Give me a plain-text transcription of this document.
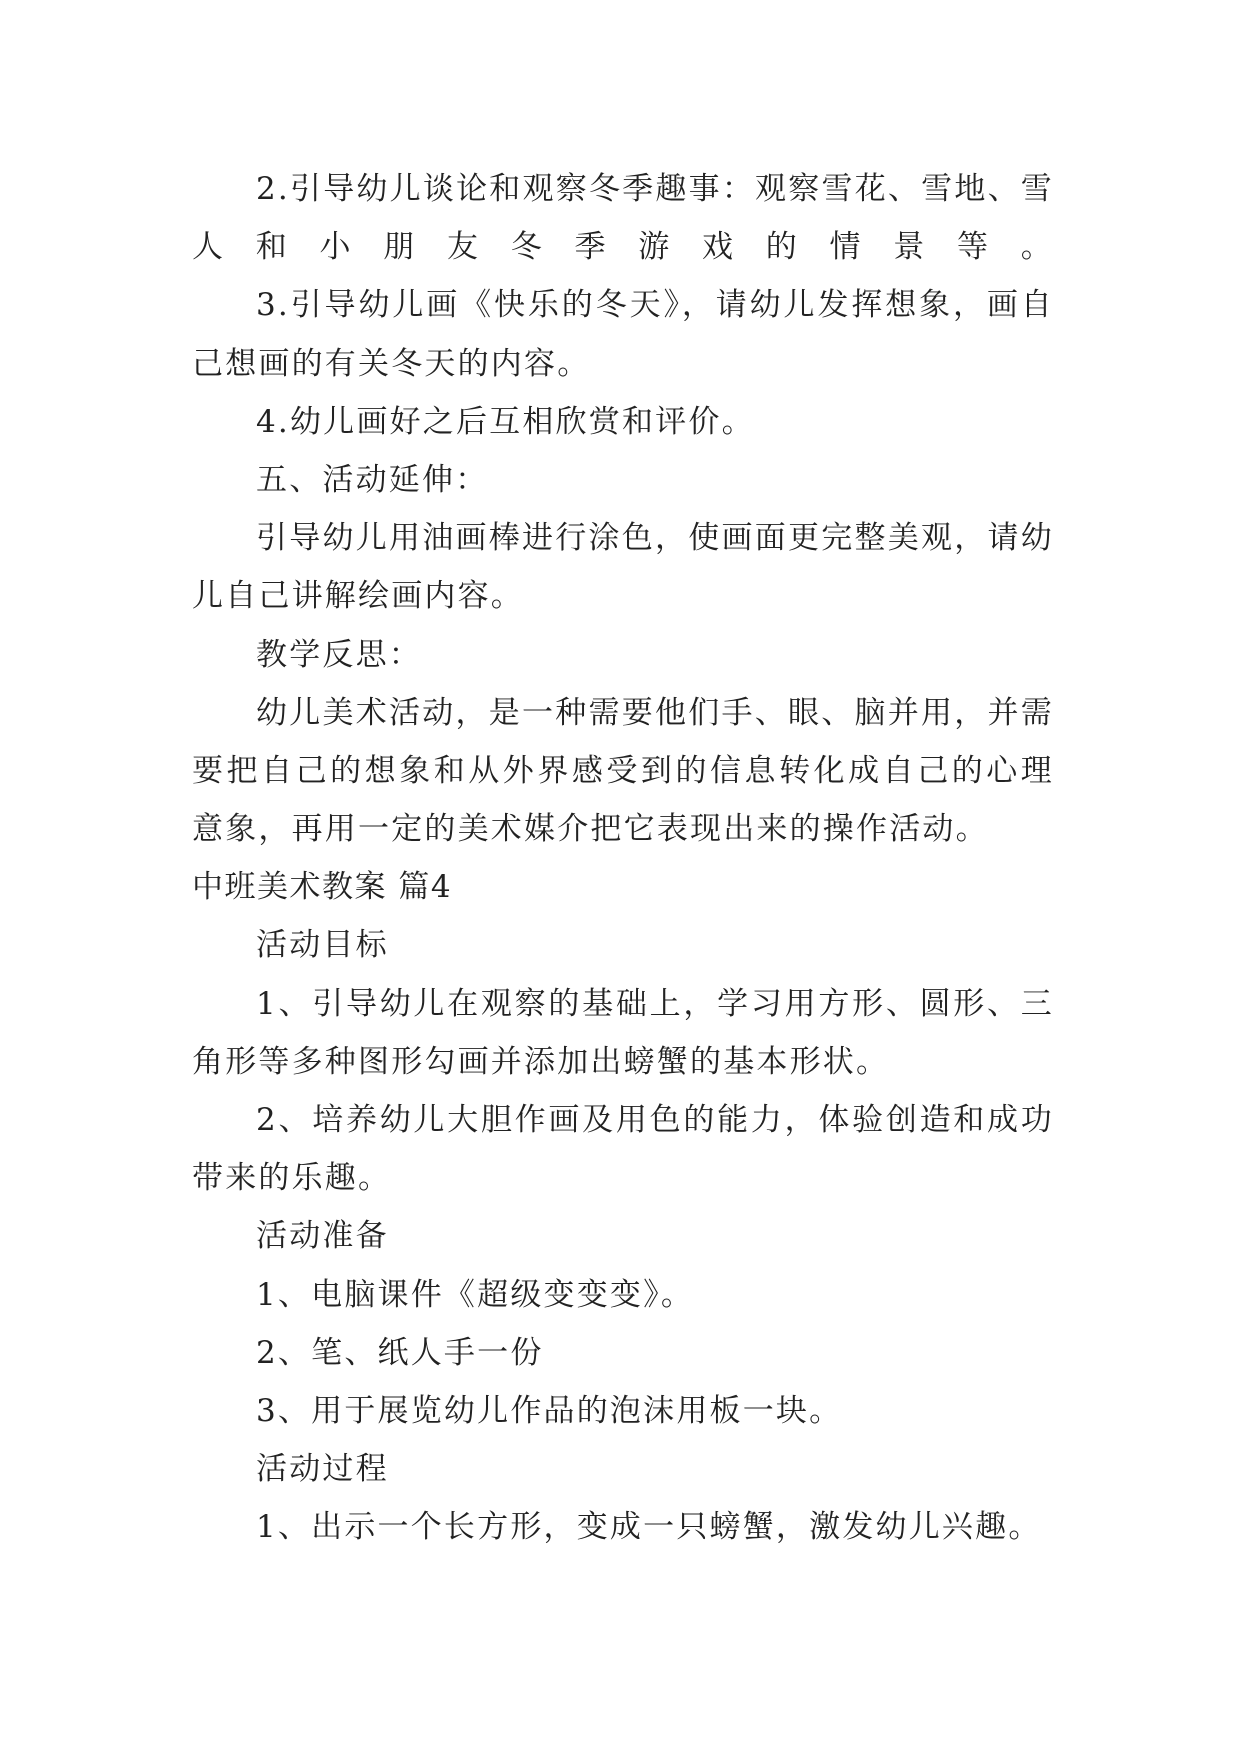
2.引导幼儿谈论和观察冬季趣事：观察雪花、雪地、雪
人和小朋友冬季游戏的情景等。
3.引导幼儿画《快乐的冬天》，请幼儿发挥想象，画自
己想画的有关冬天的内容。
4.幼儿画好之后互相欣赏和评价。
五、活动延伸：
引导幼儿用油画棒进行涂色，使画面更完整美观，请幼
儿自己讲解绘画内容。
教学反思：
幼儿美术活动，是一种需要他们手、眼、脑并用，并需
要把自己的想象和从外界感受到的信息转化成自己的心理
意象，再用一定的美术媒介把它表现出来的操作活动。
中班美术教案 篇4
活动目标
1、引导幼儿在观察的基础上，学习用方形、圆形、三
角形等多种图形勾画并添加出螃蟹的基本形状。
2、培养幼儿大胆作画及用色的能力，体验创造和成功
带来的乐趣。
活动准备
1、电脑课件《超级变变变》。
2、笔、纸人手一份
3、用于展览幼儿作品的泡沫用板一块。
活动过程
1、出示一个长方形，变成一只螃蟹，激发幼儿兴趣。
